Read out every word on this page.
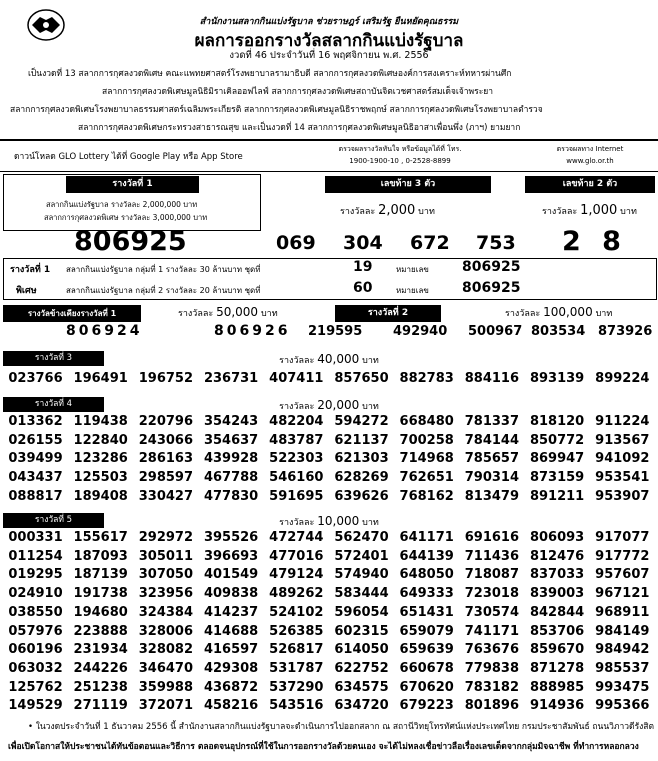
สำนักงานสลากกินแบ่งรัฐบาล ช่วยราษฎร์ เสริมรัฐ ยืนหยัดคุณธรรม
ผลการออกรางวัลสลากกินแบ่งรัฐบาล
งวดที่ 46 ประจำวันที่ 16 พฤศจิกายน พ.ศ. 2556
เป็นงวดที่ 13 สลากการกุศลงวดพิเศษ คณะแพทยศาสตร์โรงพยาบาลรามาธิบดี สลากการกุศลงวดพิเศษองค์การสงเคราะห์ทหารผ่านศึก
สลากการกุศลงวดพิเศษมูลนิธิมิราเคิลออฟไลฟ์ สลากการกุศลงวดพิเศษสถาบันจิตเวชศาสตร์สมเด็จเจ้าพระยา
สลากการกุศลงวดพิเศษโรงพยาบาลธรรมศาสตร์เฉลิมพระเกียรติ สลากการกุศลงวดพิเศษมูลนิธิราชพฤกษ์ สลากการกุศลงวดพิเศษโรงพยาบาลตำรวจ
สลากการกุศลงวดพิเศษกระทรวงสาธารณสุข และเป็นงวดที่ 14 สลากการกุศลงวดพิเศษมูลนิธิอาสาเพื่อนพึ่ง (ภาฯ) ยามยาก
ดาวน์โหลด GLO Lottery ได้ที่ Google Play หรือ App Store
ตรวจผลรางวัลทันใจ หรือข้อมูลได้ที่ โทร.
1900-1900-10 , 0-2528-8899
ตรวจผลทาง Internet
www.glo.or.th
รางวัลที่ 1
สลากกินแบ่งรัฐบาล รางวัลละ 2,000,000 บาท
สลากการกุศลงวดพิเศษ รางวัลละ 3,000,000 บาท
806925
เลขท้าย 3 ตัว
รางวัลละ 2,000 บาท
069 304 672 753
เลขท้าย 2 ตัว
รางวัลละ 1,000 บาท
2 8
รางวัลที่ 1
พิเศษ
สลากกินแบ่งรัฐบาล กลุ่มที่ 1 รางวัลละ 30 ล้านบาท ชุดที่	19	หมายเลข 806925
สลากกินแบ่งรัฐบาล กลุ่มที่ 2 รางวัลละ 20 ล้านบาท ชุดที่	60	หมายเลข 806925
รางวัลข้างเคียงรางวัลที่ 1	รางวัลละ 50,000 บาท
806924	806926
รางวัลที่ 2	รางวัลละ 100,000 บาท
219595 492940 500967 803534 873926
รางวัลที่ 3	รางวัลละ 40,000 บาท
023766 196491 196752 236731 407411 857650 882783 884116 893139 899224
รางวัลที่ 4	รางวัลละ 20,000 บาท
013362 119438 220796 354243 482204 594272 668480 781337 818120 911224
026155 122840 243066 354637 483787 621137 700258 784144 850772 913567
039499 123286 286163 439928 522303 621303 714968 785657 869947 941092
043437 125503 298597 467788 546160 628269 762651 790314 873159 953541
088817 189408 330427 477830 591695 639626 768162 813479 891211 953907
รางวัลที่ 5	รางวัลละ 10,000 บาท
000331 155617 292972 395526 472744 562470 641171 691616 806093 917077
011254 187093 305011 396693 477016 572401 644139 711436 812476 917772
019295 187139 307050 401549 479124 574940 648050 718087 837033 957607
024910 191738 323956 409838 489262 583444 649333 723018 839003 967121
038550 194680 324384 414237 524102 596054 651431 730574 842844 968911
057976 223888 328006 414688 526385 602315 659079 741171 853706 984149
060196 231934 328082 416597 526817 614050 659639 763676 859670 984942
063032 244226 346470 429308 531787 622752 660678 779838 871278 985537
125762 251238 359988 436872 537290 634575 670620 783182 888985 993475
149529 271119 372071 458216 543516 634720 679223 801896 914936 995366
• ในวงดประจำวันที่ 1 ธันวาคม 2556 นี้ สำนักงานสลากกินแบ่งรัฐบาลจะดำเนินการไปออกสลาก ณ สถานีวิทยุโทรทัศน์แห่งประเทศไทย กรมประชาสัมพันธ์ ถนนวิภาวดีรังสิต
เพื่อเปิดโอกาสให้ประชาชนได้ทันข้อตอนและวิธีการ ตลอดจนอุปกรณ์ที่ใช้ในการออกรางวัลด้วยตนเอง จะได้ไม่หลงเชื่อข่าวลือเรื่องเลขเด็ดจากกลุ่มมิจฉาชีพ ที่ทำการหลอกลวง
